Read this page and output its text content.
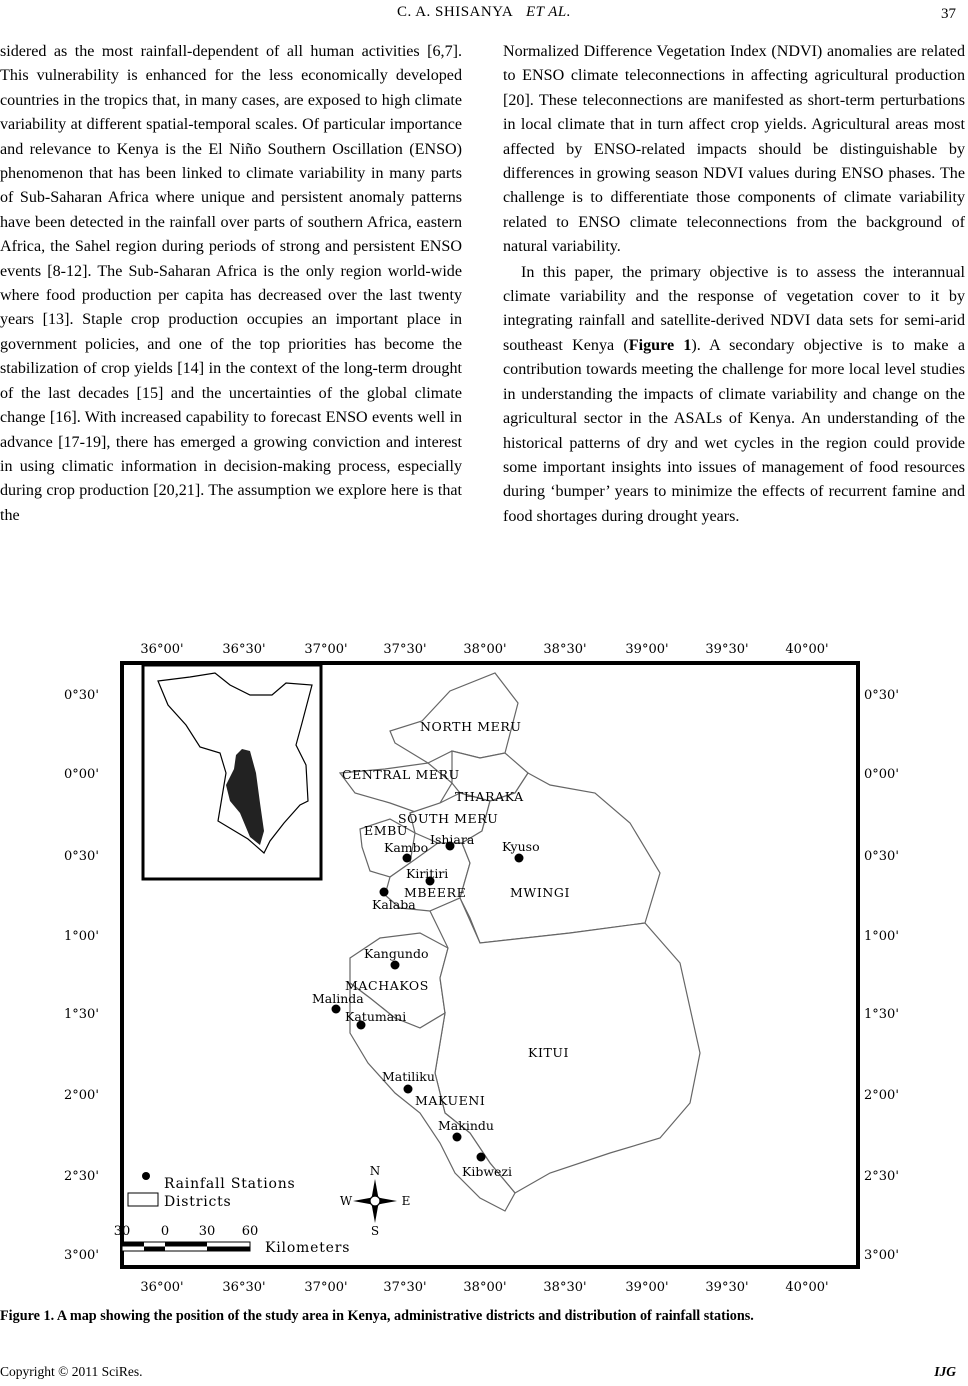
C. A. SHISANYA ET AL.	37

sidered as the most rainfall-dependent of all human activities [6,7]. This vulnerability is enhanced for the less economically developed countries in the tropics that, in many cases, are exposed to high climate variability at different spatial-temporal scales. Of particular importance and relevance to Kenya is the El Niño Southern Oscillation (ENSO) phenomenon that has been linked to climate variability in many parts of Sub-Saharan Africa where unique and persistent anomaly patterns have been detected in the rainfall over parts of southern Africa, eastern Africa, the Sahel region during periods of strong and persistent ENSO events [8-12]. The Sub-Saharan Africa is the only region world-wide where food production per capita has decreased over the last twenty years [13]. Staple crop production occupies an important place in government policies, and one of the top priorities has become the stabilization of crop yields [14] in the context of the long-term drought of the last decades [15] and the uncertainties of the global climate change [16]. With increased capability to forecast ENSO events well in advance [17-19], there has emerged a growing conviction and interest in using climatic information in decision-making process, especially during crop production [20,21]. The assumption we explore here is that the

Normalized Difference Vegetation Index (NDVI) anomalies are related to ENSO climate teleconnections in affecting agricultural production [20]. These teleconnections are manifested as short-term perturbations in local climate that in turn affect crop yields. Agricultural areas most affected by ENSO-related impacts should be distinguishable by differences in growing season NDVI values during ENSO phases. The challenge is to differentiate those components of climate variability related to ENSO climate teleconnections from the background of natural variability.

In this paper, the primary objective is to assess the interannual climate variability and the response of vegetation cover to it by integrating rainfall and satellite-derived NDVI data sets for semi-arid southeast Kenya (Figure 1). A secondary objective is to make a contribution towards meeting the challenge for more local level studies in understanding the impacts of climate variability and change on the agricultural sector in the ASALs of Kenya. An understanding of the historical patterns of dry and wet cycles in the region could provide some important insights into issues of management of food resources during ‘bumper’ years to minimize the effects of recurrent famine and food shortages during drought years.

36°00'	36°30'	37°00'	37°30'	38°00'	38°30'	39°00'	39°30'	40°00'
36°00'	36°30'	37°00'	37°30'	38°00'	38°30'	39°00'	39°30'	40°00'
0°30'
0°00'
0°30'
1°00'
1°30'
2°00'
2°30'
3°00'
0°30'
0°00'
0°30'
1°00'
1°30'
2°00'
2°30'
3°00'
NORTH MERU
CENTRAL MERU
THARAKA
SOUTH MERU
EMBU
MBEERE	MWINGI
MACHAKOS
KITUI
MAKUENI
Ishiara
Kambo	Kyuso
Kiritiri
Kalaba
Kangundo
Malinda
Katumani
Matiliku
Makindu
Kibwezi
Rainfall Stations
Districts
30 0 30 60
Kilometers
N
S
W	E
Figure 1. A map showing the position of the study area in Kenya, administrative districts and distribution of rainfall stations.
Copyright © 2011 SciRes.	IJG
